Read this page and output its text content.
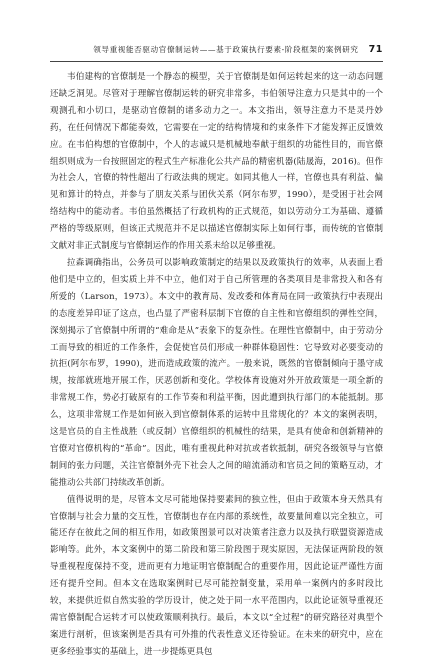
领导重视能否驱动官僚制运转——基于政策执行要素-阶段框架的案例研究 71

韦伯建构的官僚制是一个静态的模型，关于官僚制是如何运转起来的这一动态问题还缺乏洞见。尽管对于理解官僚制运转的研究非常多，韦伯领导注意力只是其中的一个观测孔和小切口，是驱动官僚制的诸多动力之一。本文指出，领导注意力不是灵丹妙药，在任何情况下都能奏效，它需要在一定的结构情境和约束条件下才能发挥正反馈效应。在韦伯构想的官僚制中，个人的志诚只是机械地奉献于组织的功能性目的，而官僚组织则成为一台按照固定的程式生产标准化公共产品的精密机器(陆晟海，2016)。但作为社会人，官僚的特性超出了行政法典的规定。如同其他人一样，官僚也具有利益、偏见和算计的特点，并参与了朋友关系与团伙关系（阿尔布罗，1990），是受困于社会网络结构中的能动者。韦伯虽然概括了行政机构的正式规范，如以劳动分工为基础、遵循严格的等级原则，但该正式规范并不足以描述官僚制实际上如何行事，而传统的官僚制文献对非正式制度与官僚制运作的作用关系未给以足够重视。

拉森调确指出，公务员可以影响政策制定的结果以及政策执行的效率，从表面上看他们是中立的，但实质上并不中立，他们对于自己所管理的各类项目是非常投入和各有所爱的（Larson，1973）。本文中的教育局、发改委和体育局在同一政策执行中表现出的态度差异印证了这点，也凸显了严密科层制下官僚的自主性和官僚组织的弹性空间，深刻揭示了官僚制中所谓的“难命是从”表象下的复杂性。在理性官僚制中，由于劳动分工而导致的相近的工作条件，会促使官员们形成一种群体稳固性：它导致对必要变动的抗拒(阿尔布罗，1990)，进而造成政策的流产。一般来说，既然的官僚制倾向于墨守成规，按部就班地开展工作，厌恶创新和变化。学校体育设施对外开放政策是一项全新的非常规工作，势必打破原有的工作节奏和利益平衡，因此遭到执行部门的本能抵制。那么，这项非常规工作是如何嵌入到官僚制体系的运转中且常规化的？本文的案例表明，这是官员的自主性战胜（或反制）官僚组织的机械性的结果，是具有使命和创新精神的官僚对官僚机构的“革命”。因此，唯有重视此种对抗或者软抵制，研究各级领导与官僚制间的张力问题，关注官僚制外壳下社会人之间的暗流涌动和官员之间的策略互动，才能推动公共部门持续改革创新。

值得说明的是，尽管本文尽可能地保持要素间的独立性，但由于政策本身天然具有官僚制与社会力量的交互性，官僚制也存在内部的系统性，故要量间难以完全独立，可能还存在彼此之间的相互作用，如政策图景可以对决策者注意力以及执行联盟资源造成影响等。此外，本文案例中的第二阶段和第三阶段图于现实原因，无法保证两阶段的领导重视程度保持不变，进而更有力地证明官僚制配合的重要作用，因此论证严谨性方面还有提升空间。但本文在选取案例时已尽可能控制变量，采用单一案例内的多时段比较，来提供近似自然实验的学历设计，使之处于同一水平范围内，以此论证领导重视还需官僚制配合运转才可以使政策顺利执行。最后，本文以“全过程”的研究路径对典型个案进行剖析，但该案例是否具有可外推的代表性意义还待验证。在未来的研究中，应在更多经验事实的基础上，进一步提炼更具包
